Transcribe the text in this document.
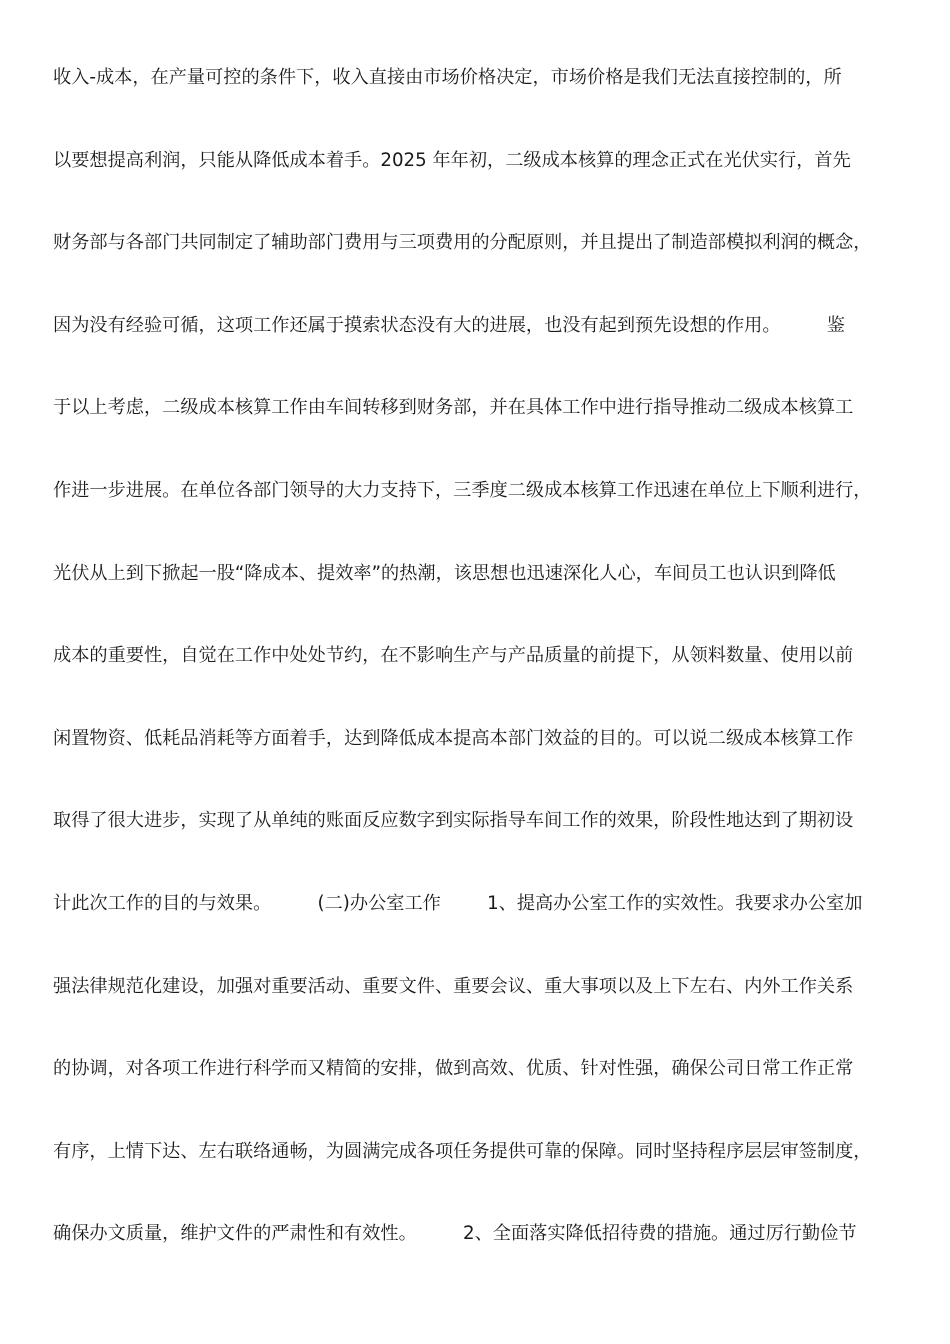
收入-成本，在产量可控的条件下，收入直接由市场价格决定，市场价格是我们无法直接控制的，所
以要想提高利润，只能从降低成本着手。2025 年年初，二级成本核算的理念正式在光伏实行，首先
财务部与各部门共同制定了辅助部门费用与三项费用的分配原则，并且提出了制造部模拟利润的概念，
因为没有经验可循，这项工作还属于摸索状态没有大的进展，也没有起到预先设想的作用。        鉴
于以上考虑，二级成本核算工作由车间转移到财务部，并在具体工作中进行指导推动二级成本核算工
作进一步进展。在单位各部门领导的大力支持下，三季度二级成本核算工作迅速在单位上下顺利进行，
光伏从上到下掀起一股“降成本、提效率”的热潮，该思想也迅速深化人心，车间员工也认识到降低
成本的重要性，自觉在工作中处处节约，在不影响生产与产品质量的前提下，从领料数量、使用以前
闲置物资、低耗品消耗等方面着手，达到降低成本提高本部门效益的目的。可以说二级成本核算工作
取得了很大进步，实现了从单纯的账面反应数字到实际指导车间工作的效果，阶段性地达到了期初设
计此次工作的目的与效果。        (二)办公室工作        1、提高办公室工作的实效性。我要求办公室加
强法律规范化建设，加强对重要活动、重要文件、重要会议、重大事项以及上下左右、内外工作关系
的协调，对各项工作进行科学而又精简的安排，做到高效、优质、针对性强，确保公司日常工作正常
有序，上情下达、左右联络通畅，为圆满完成各项任务提供可靠的保障。同时坚持程序层层审签制度，
确保办文质量，维护文件的严肃性和有效性。        2、全面落实降低招待费的措施。通过厉行勤俭节
